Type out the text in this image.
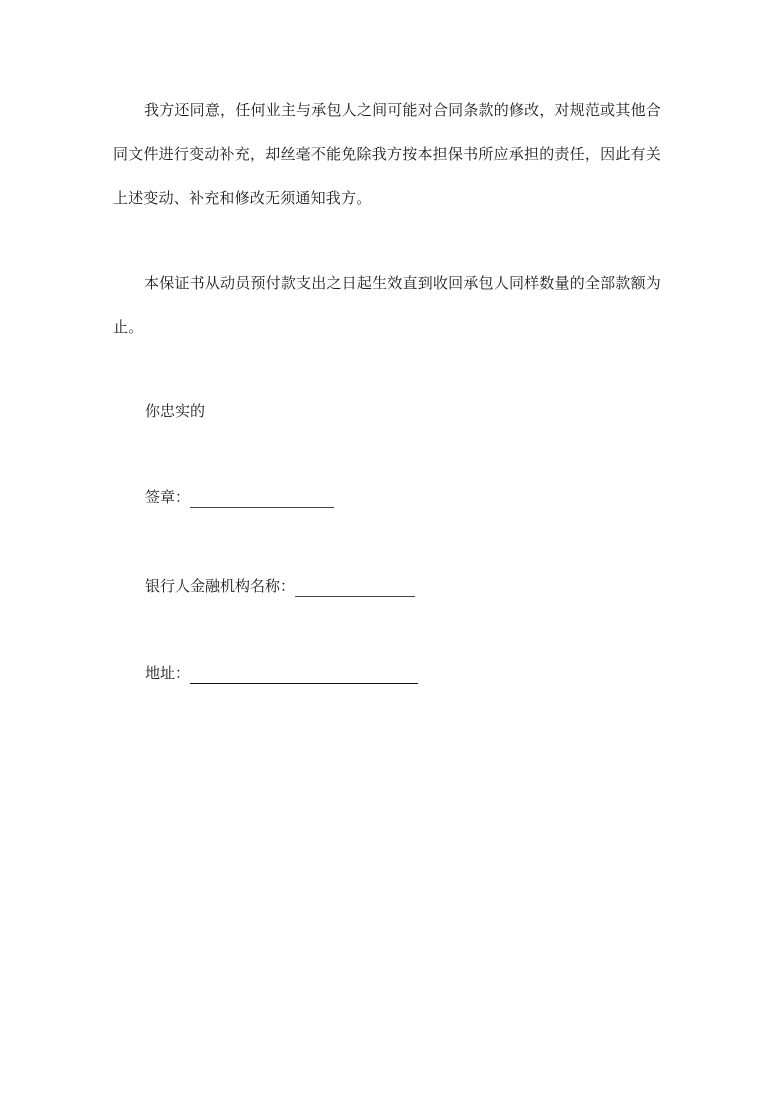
我方还同意，任何业主与承包人之间可能对合同条款的修改，对规范或其他合同文件进行变动补充，却丝毫不能免除我方按本担保书所应承担的责任，因此有关上述变动、补充和修改无须通知我方。

本保证书从动员预付款支出之日起生效直到收回承包人同样数量的全部款额为止。

你忠实的

签章：
银行人金融机构名称：
地址：
